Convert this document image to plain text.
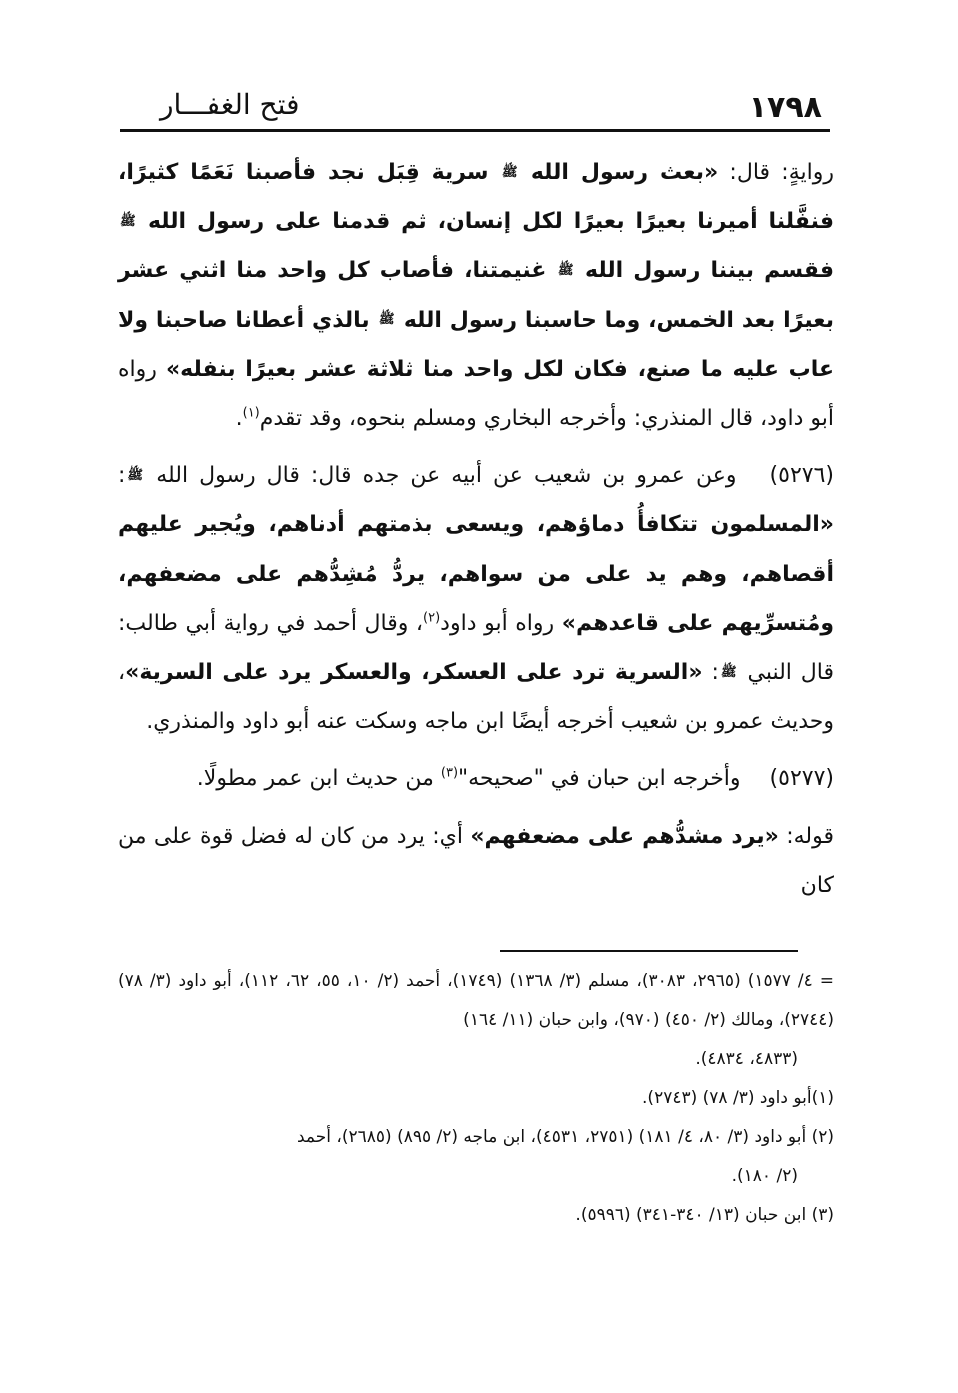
١٧٩٨
فتح الغفـــار

روايةٍ: قال: «بعث رسول الله ﷺ سرية قِبَل نجد فأصبنا نَعَمًا كثيرًا، فنفَّلنا أميرنا بعيرًا بعيرًا لكل إنسان، ثم قدمنا على رسول الله ﷺ فقسم بيننا رسول الله ﷺ غنيمتنا، فأصاب كل واحد منا اثني عشر بعيرًا بعد الخمس، وما حاسبنا رسول الله ﷺ بالذي أعطانا صاحبنا ولا عاب عليه ما صنع، فكان لكل واحد منا ثلاثة عشر بعيرًا بنفله» رواه أبو داود، قال المنذري: وأخرجه البخاري ومسلم بنحوه، وقد تقدم$^{(١)}$.

(٥٢٧٦) وعن عمرو بن شعيب عن أبيه عن جده قال: قال رسول الله ﷺ: «المسلمون تتكافأُ دماؤهم، ويسعى بذمتهم أدناهم، ويُجير عليهم أقصاهم، وهم يد على من سواهم، يردُّ مُشِدُّهم على مضعفهم، ومُتسرِّيهم على قاعدهم» رواه أبو داود$^{(٢)}$، وقال أحمد في رواية أبي طالب: قال النبي ﷺ: «السرية ترد على العسكر، والعسكر يرد على السرية»، وحديث عمرو بن شعيب أخرجه أيضًا ابن ماجه وسكت عنه أبو داود والمنذري.

(٥٢٧٧) وأخرجه ابن حبان في "صحيحه"$^{(٣)}$ من حديث ابن عمر مطولًا.

قوله: «يرد مشدُّهم على مضعفهم» أي: يرد من كان له فضل قوة على من كان

= ٤/ ١٥٧٧) (٢٩٦٥، ٣٠٨٣)، مسلم (٣/ ١٣٦٨) (١٧٤٩)، أحمد (٢/ ١٠، ٥٥، ٦٢، ١١٢)، أبو داود (٣/ ٧٨) (٢٧٤٤)، ومالك (٢/ ٤٥٠) (٩٧٠)، وابن حبان (١١/ ١٦٤)

(٤٨٣٣، ٤٨٣٤).

(١)أبو داود (٣/ ٧٨) (٢٧٤٣).

(٢) أبو داود (٣/ ٨٠، ٤/ ١٨١) (٢٧٥١، ٤٥٣١)، ابن ماجه (٢/ ٨٩٥) (٢٦٨٥)، أحمد

(٢/ ١٨٠).

(٣) ابن حبان (١٣/ ٣٤٠-٣٤١) (٥٩٩٦).
